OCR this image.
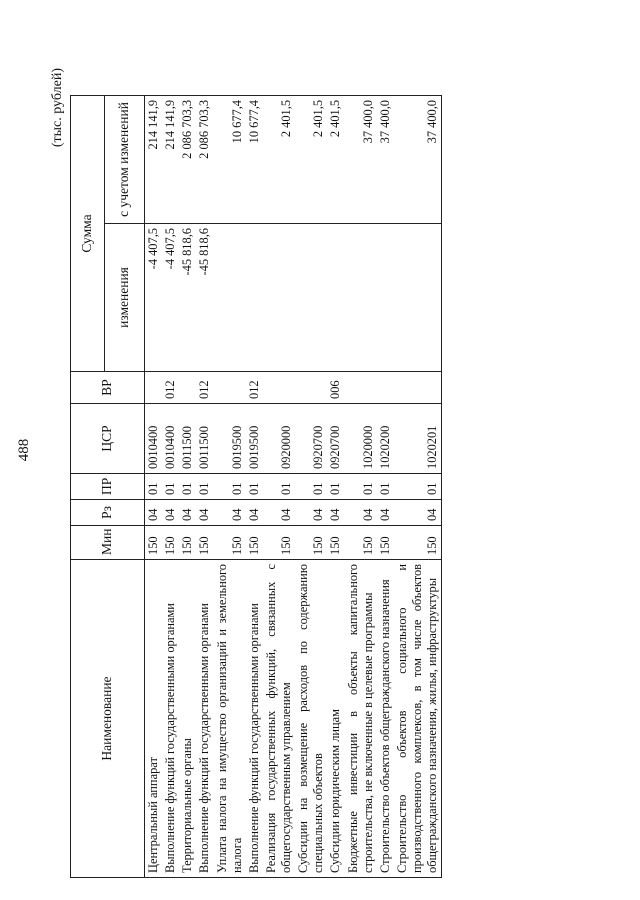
488
(тыс. рублей)
Наименование	Мин	Рз	ПР	ЦСР	ВР	Сумма	
						изменения	с учетом изменений
Центральный аппарат	150	04	01	0010400		-4 407,5	214 141,9
Выполнение функций государственными органами	150	04	01	0010400	012	-4 407,5	214 141,9
Территориальные органы	150	04	01	0011500		-45 818,6	2 086 703,3
Выполнение функций государственными органами	150	04	01	0011500	012	-45 818,6	2 086 703,3
Уплата налога на имущество организаций и земельного налога	150	04	01	0019500			10 677,4
Выполнение функций государственными органами	150	04	01	0019500	012		10 677,4
Реализация государственных функций, связанных с общегосударственным управлением	150	04	01	0920000			2 401,5
Субсидии на возмещение расходов по содержанию специальных объектов	150	04	01	0920700			2 401,5
Субсидии юридическим лицам	150	04	01	0920700	006		2 401,5
Бюджетные инвестиции в объекты капитального строительства, не включенные в целевые программы	150	04	01	1020000			37 400,0
Строительство объектов общегражданского назначения	150	04	01	1020200			37 400,0
Строительство объектов социального и производственного комплексов, в том числе объектов общегражданского назначения, жилья, инфраструктуры	150	04	01	1020201			37 400,0
